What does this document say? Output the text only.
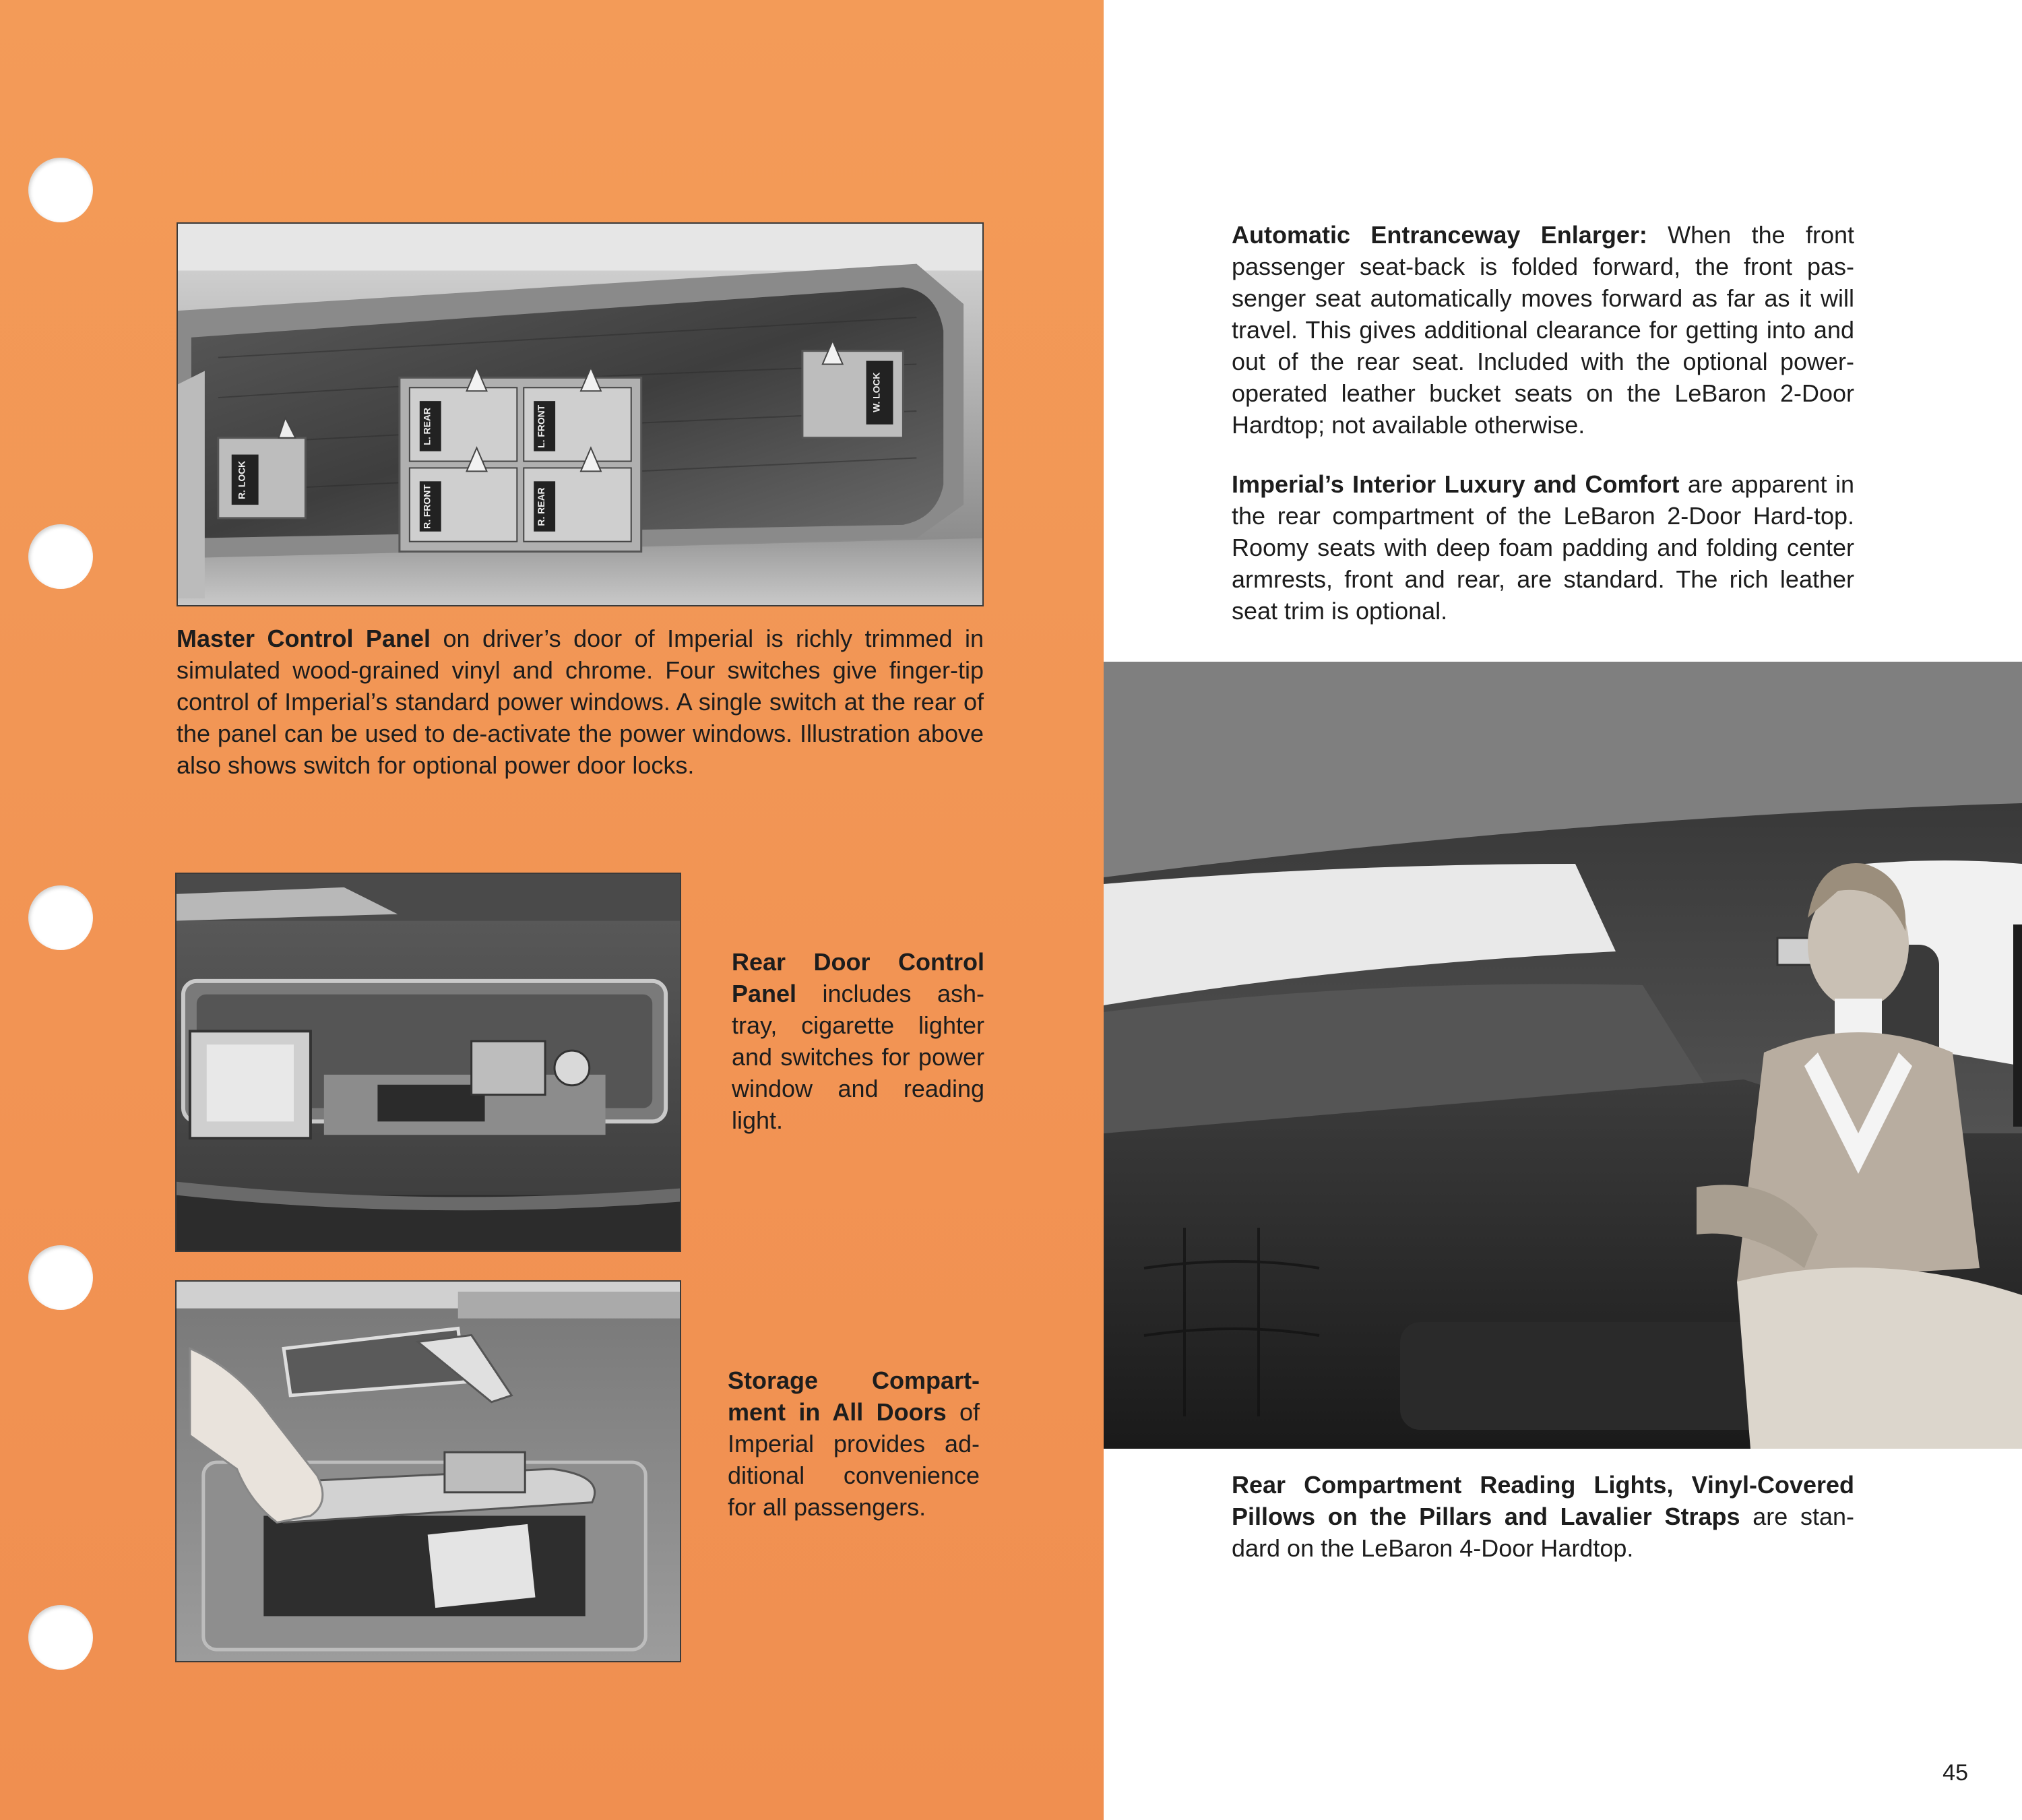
R. LOCK
L. REAR	L. FRONT
R. FRONT	R. REAR
W. LOCK
Master Control Panel on driver’s door of Imperial is richly trimmed in simulated wood-grained vinyl and chrome. Four switches give finger-tip control of Imperial’s standard power windows. A single switch at the rear of the panel can be used to de-activate the power windows. Illustration above also shows switch for optional power door locks.
Rear Door Control Panel includes ash-tray, cigarette lighter and switches for power window and reading light.
Storage Compart-ment in All Doors of Imperial provides ad-ditional convenience for all passengers.
Automatic Entranceway Enlarger: When the front passenger seat-back is folded forward, the front pas-senger seat automatically moves forward as far as it will travel. This gives additional clearance for getting into and out of the rear seat. Included with the optional power-operated leather bucket seats on the LeBaron 2-Door Hardtop; not available otherwise.
Imperial’s Interior Luxury and Comfort are apparent in the rear compartment of the LeBaron 2-Door Hard-top. Roomy seats with deep foam padding and folding center armrests, front and rear, are standard. The rich leather seat trim is optional.
Rear Compartment Reading Lights, Vinyl-Covered Pillows on the Pillars and Lavalier Straps are stan-dard on the LeBaron 4-Door Hardtop.
45
